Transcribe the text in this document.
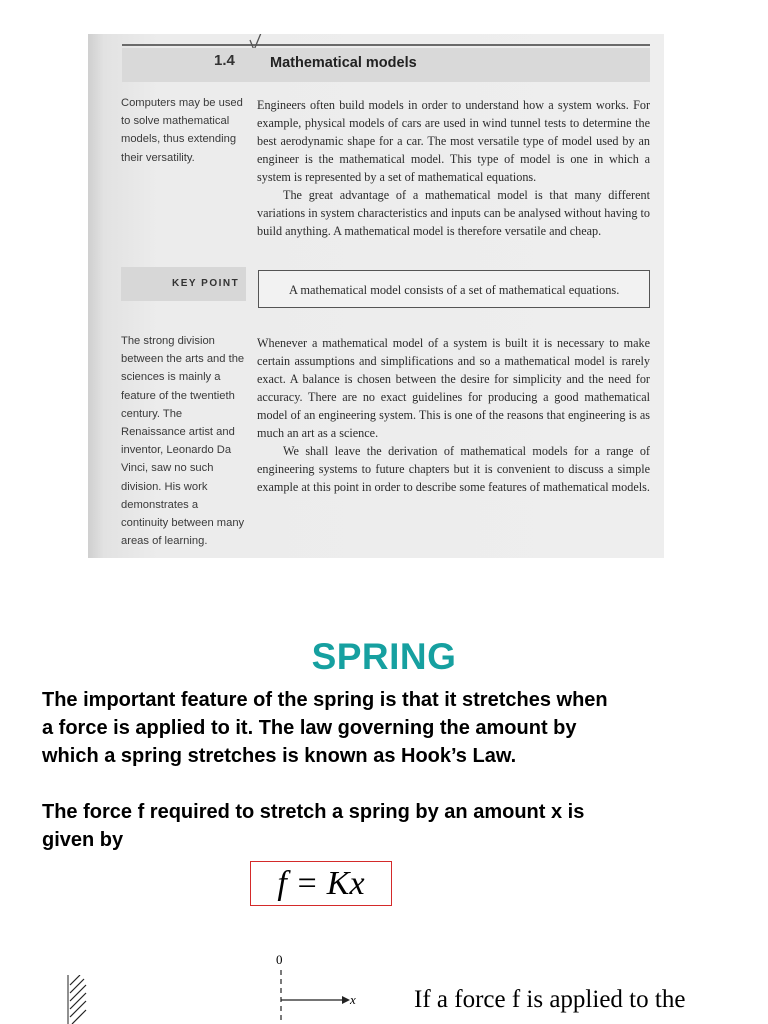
1.4 Mathematical models
Computers may be used
to solve mathematical
models, thus extending
their versatility.
Engineers often build models in order to understand how a system works. For example, physical models of cars are used in wind tunnel tests to determine the best aerodynamic shape for a car. The most versatile type of model used by an engineer is the mathematical model. This type of model is one in which a system is represented by a set of mathematical equations.
The great advantage of a mathematical model is that many different variations in system characteristics and inputs can be analysed without having to build anything. A mathematical model is therefore versatile and cheap.
KEY POINT	A mathematical model consists of a set of mathematical equations.
The strong division
between the arts and the
sciences is mainly a
feature of the twentieth
century. The
Renaissance artist and
inventor, Leonardo Da
Vinci, saw no such
division. His work
demonstrates a
continuity between many
areas of learning.
Whenever a mathematical model of a system is built it is necessary to make certain assumptions and simplifications and so a mathematical model is rarely exact. A balance is chosen between the desire for simplicity and the need for accuracy. There are no exact guidelines for producing a good mathematical model of an engineering system. This is one of the reasons that engineering is as much an art as a science.
We shall leave the derivation of mathematical models for a range of engineering systems to future chapters but it is convenient to discuss a simple example at this point in order to describe some features of mathematical models.
SPRING
The important feature of the spring is that it stretches when
a force is applied to it. The law governing the amount by
which a spring stretches is known as Hook’s Law.
The force f required to stretch a spring by an amount x is
given by
f = Kx
0
x If a force f is applied to the
